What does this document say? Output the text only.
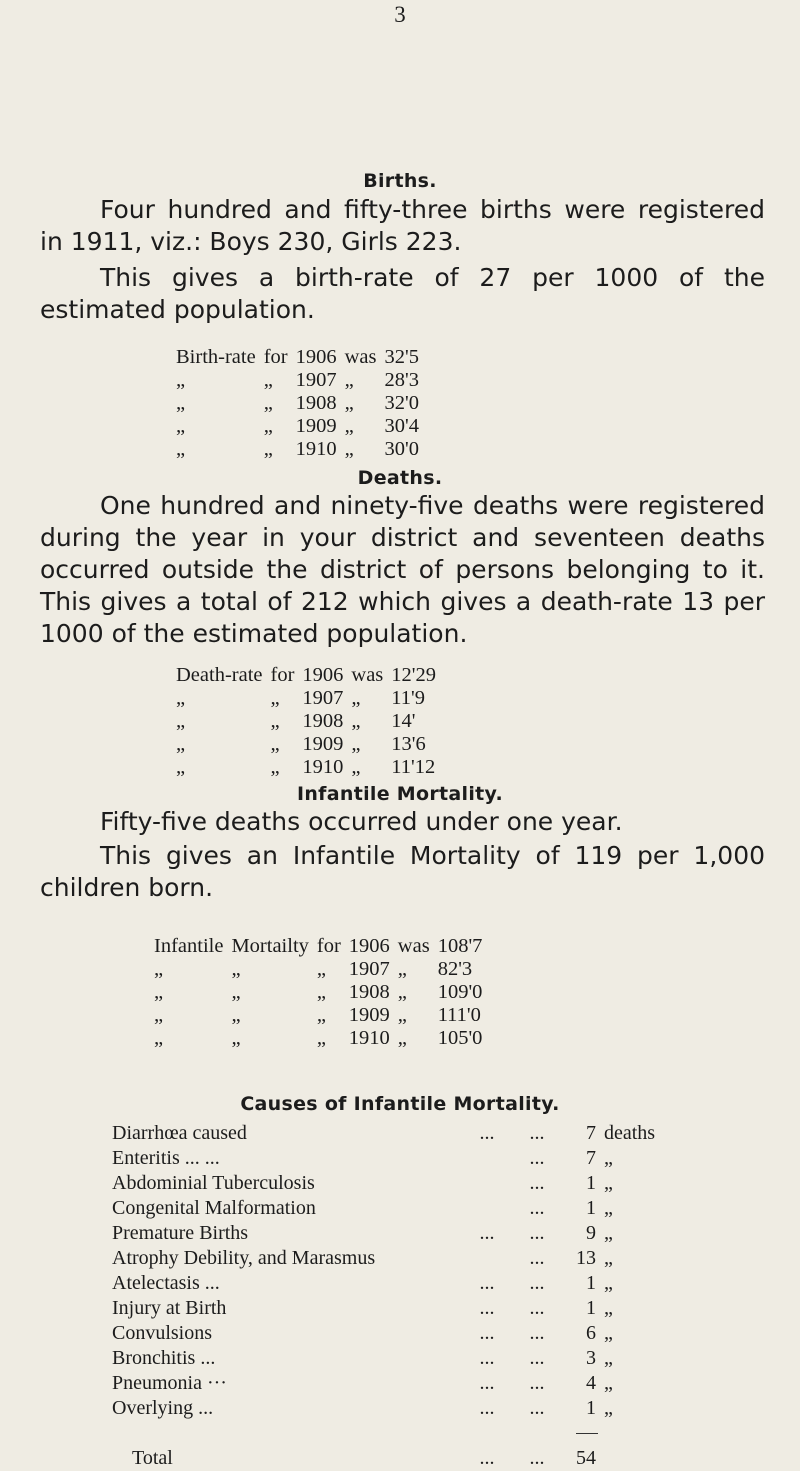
3
Births.
Four hundred and fifty-three births were registered in 1911, viz.: Boys 230, Girls 223.
This gives a birth-rate of 27 per 1000 of the estimated population.
Birth-rate	for	1906	was	32'5
„	„	1907	„	28'3
„	„	1908	„	32'0
„	„	1909	„	30'4
„	„	1910	„	30'0
Deaths.
One hundred and ninety-five deaths were registered during the year in your district and seventeen deaths occurred outside the district of persons belonging to it. This gives a total of 212 which gives a death-rate 13 per 1000 of the estimated population.
Death-rate	for	1906	was	12'29
„	„	1907	„	11'9
„	„	1908	„	14'
„	„	1909	„	13'6
„	„	1910	„	11'12
Infantile Mortality.
Fifty-five deaths occurred under one year.
This gives an Infantile Mortality of 119 per 1,000 children born.
Infantile	Mortailty	for	1906	was	108'7
„	„	„	1907	„	82'3
„	„	„	1908	„	109'0
„	„	„	1909	„	111'0
„	„	„	1910	„	105'0
Causes of Infantile Mortality.
Diarrhœa caused	...	...	7	deaths
Enteritis ... ...		...	7	„
Abdominial Tuberculosis		...	1	„
Congenital Malformation		...	1	„
Premature Births	...	...	9	„
Atrophy Debility, and Marasmus		...	13	„
Atelectasis ...	...	...	1	„
Injury at Birth	...	...	1	„
Convulsions	...	...	6	„
Bronchitis ...	...	...	3	„
Pneumonia ···	...	...	4	„
Overlying ...	...	...	1	„

Total	...	...	54	
